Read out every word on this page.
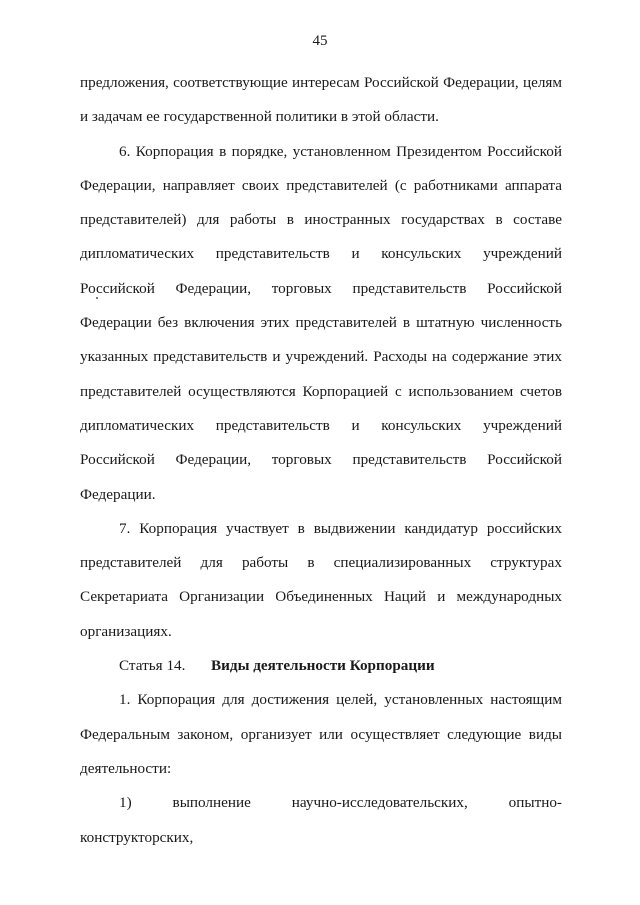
45

предложения, соответствующие интересам Российской Федерации, целям и задачам ее государственной политики в этой области.

6. Корпорация в порядке, установленном Президентом Российской Федерации, направляет своих представителей (с работниками аппарата представителей) для работы в иностранных государствах в составе дипломатических представительств и консульских учреждений Российской Федерации, торговых представительств Российской Федерации без включения этих представителей в штатную численность указанных представительств и учреждений. Расходы на содержание этих представителей осуществляются Корпорацией с использованием счетов дипломатических представительств и консульских учреждений Российской Федерации, торговых представительств Российской Федерации.

7. Корпорация участвует в выдвижении кандидатур российских представителей для работы в специализированных структурах Секретариата Организации Объединенных Наций и международных организациях.

Статья 14. Виды деятельности Корпорации

1. Корпорация для достижения целей, установленных настоящим Федеральным законом, организует или осуществляет следующие виды деятельности:

1) выполнение научно-исследовательских, опытно-конструкторских,
